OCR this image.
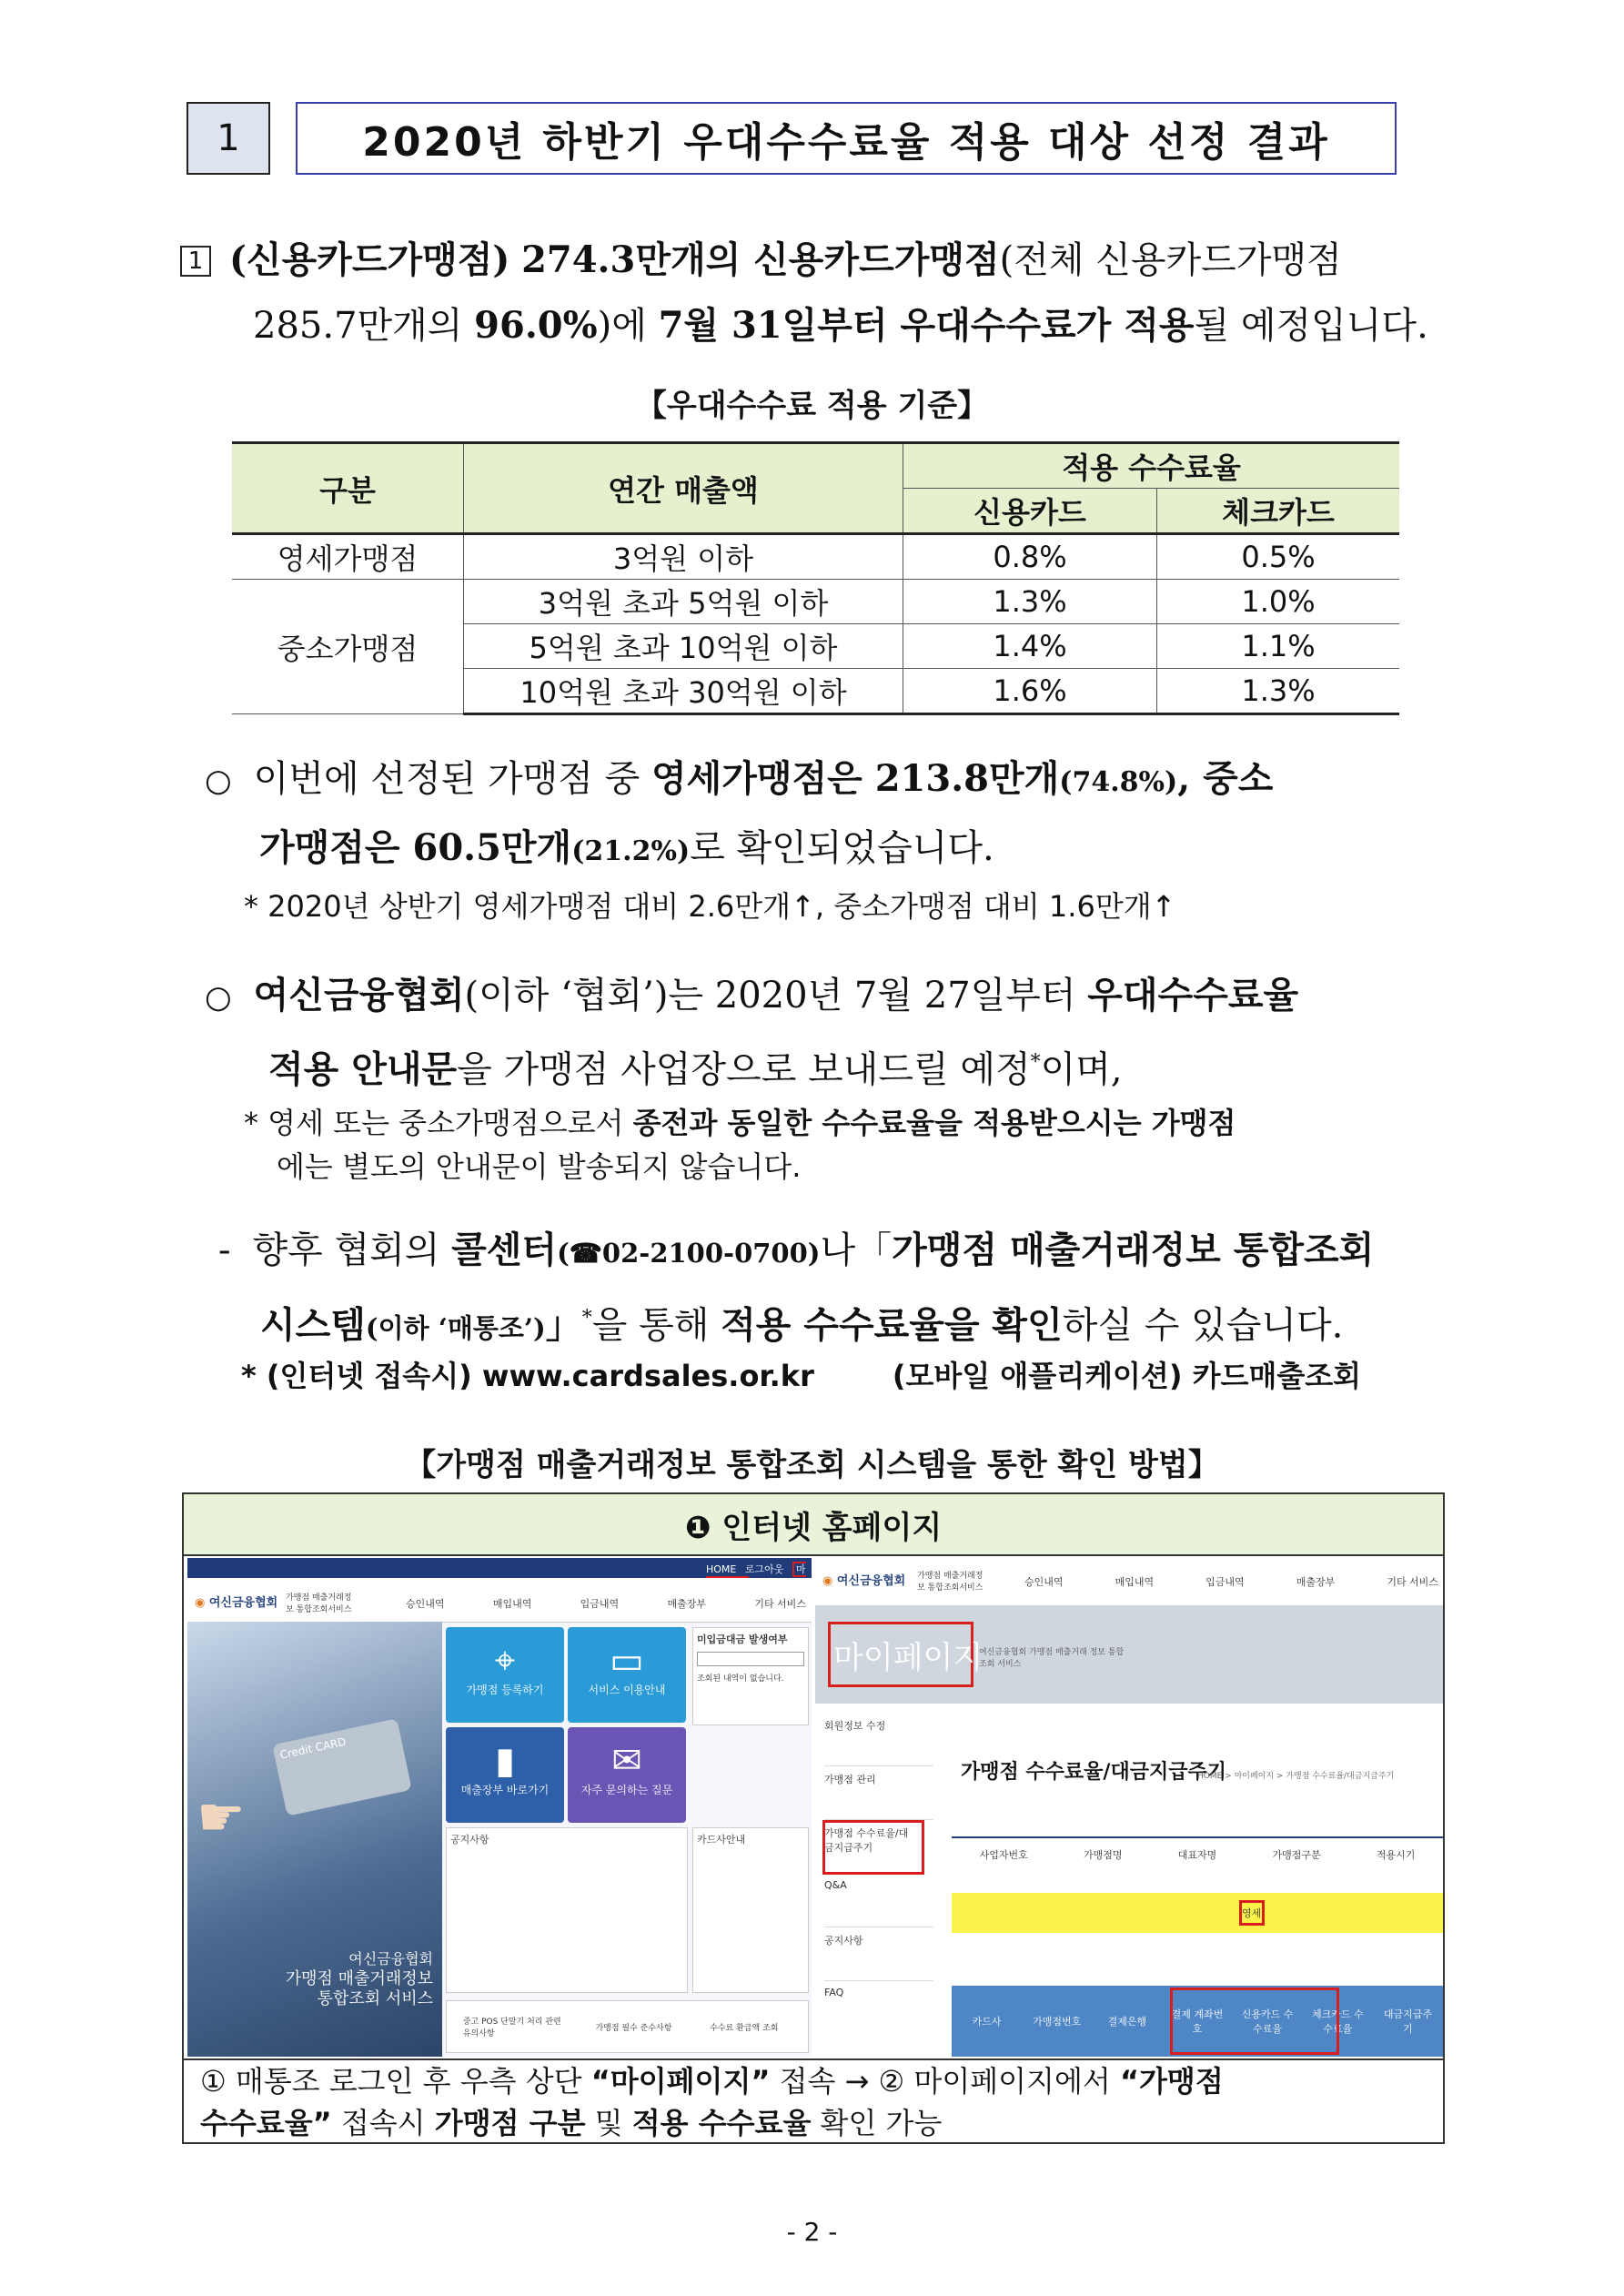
1	2020년 하반기 우대수수료율 적용 대상 선정 결과
1 (신용카드가맹점) 274.3만개의 신용카드가맹점(전체 신용카드가맹점
285.7만개의 96.0%)에 7월 31일부터 우대수수료가 적용될 예정입니다.
【우대수수료 적용 기준】
구분	연간 매출액	적용 수수료율	
		신용카드	체크카드
영세가맹점	3억원 이하	0.8%	0.5%
중소가맹점	3억원 초과 5억원 이하	1.3%	1.0%
	5억원 초과 10억원 이하	1.4%	1.1%
	10억원 초과 30억원 이하	1.6%	1.3%
○ 이번에 선정된 가맹점 중 영세가맹점은 213.8만개(74.8%), 중소
가맹점은 60.5만개(21.2%)로 확인되었습니다.
* 2020년 상반기 영세가맹점 대비 2.6만개↑, 중소가맹점 대비 1.6만개↑
○ 여신금융협회(이하 ‘협회’)는 2020년 7월 27일부터 우대수수료율
적용 안내문을 가맹점 사업장으로 보내드릴 예정*이며,
* 영세 또는 중소가맹점으로서 종전과 동일한 수수료율을 적용받으시는 가맹점
에는 별도의 안내문이 발송되지 않습니다.
- 향후 협회의 콜센터(☎02-2100-0700)나「가맹점 매출거래정보 통합조회
시스템(이하 ‘매통조’)」*을 통해 적용 수수료율을 확인하실 수 있습니다.
* (인터넷 접속시) www.cardsales.or.kr	(모바일 애플리케이션) 카드매출조회
【가맹점 매출거래정보 통합조회 시스템을 통한 확인 방법】
❶ 인터넷 홈페이지
HOME 로그아웃 마
◉ 여신금융협회 가맹점 매출거래정보 통합조회서비스	승인내역	매입내역	입금내역	매출장부	기타 서비스
Credit CARD
☛
여신금융협회
가맹점 매출거래정보
통합조회 서비스
⌖
가맹점 등록하기
▭
서비스 이용안내
▮
매출장부 바로가기
✉
자주 문의하는 질문
미입금대금 발생여부
조회된 내역이 없습니다.
공지사항	카드사안내
중고 POS 단말기 처리 관련 유의사항
가맹점 필수 준수사항	수수료 환급액 조회
◉ 여신금융협회 가맹점 매출거래정보 통합조회서비스	승인내역	매입내역	입금내역	매출장부	기타 서비스
마이페이지
여신금융협회 가맹점 매출거래 정보 통합조회 서비스
회원정보 수정
가맹점 관리
가맹점 수수료율/대금지급주기
Q&A
공지사항
FAQ
가맹점 수수료율/대금지급주기
HOME > 마이페이지 > 가맹점 수수료율/대금지급주기
사업자번호	가맹점명	대표자명	가맹점구분	적용시기
영세
카드사	가맹점번호	결제은행
결제 계좌번호
신용카드 수수료율
체크카드 수수료율
대금지급주기
① 매통조 로그인 후 우측 상단 “마이페이지” 접속 → ② 마이페이지에서 “가맹점
수수료율” 접속시 가맹점 구분 및 적용 수수료율 확인 가능
- 2 -
